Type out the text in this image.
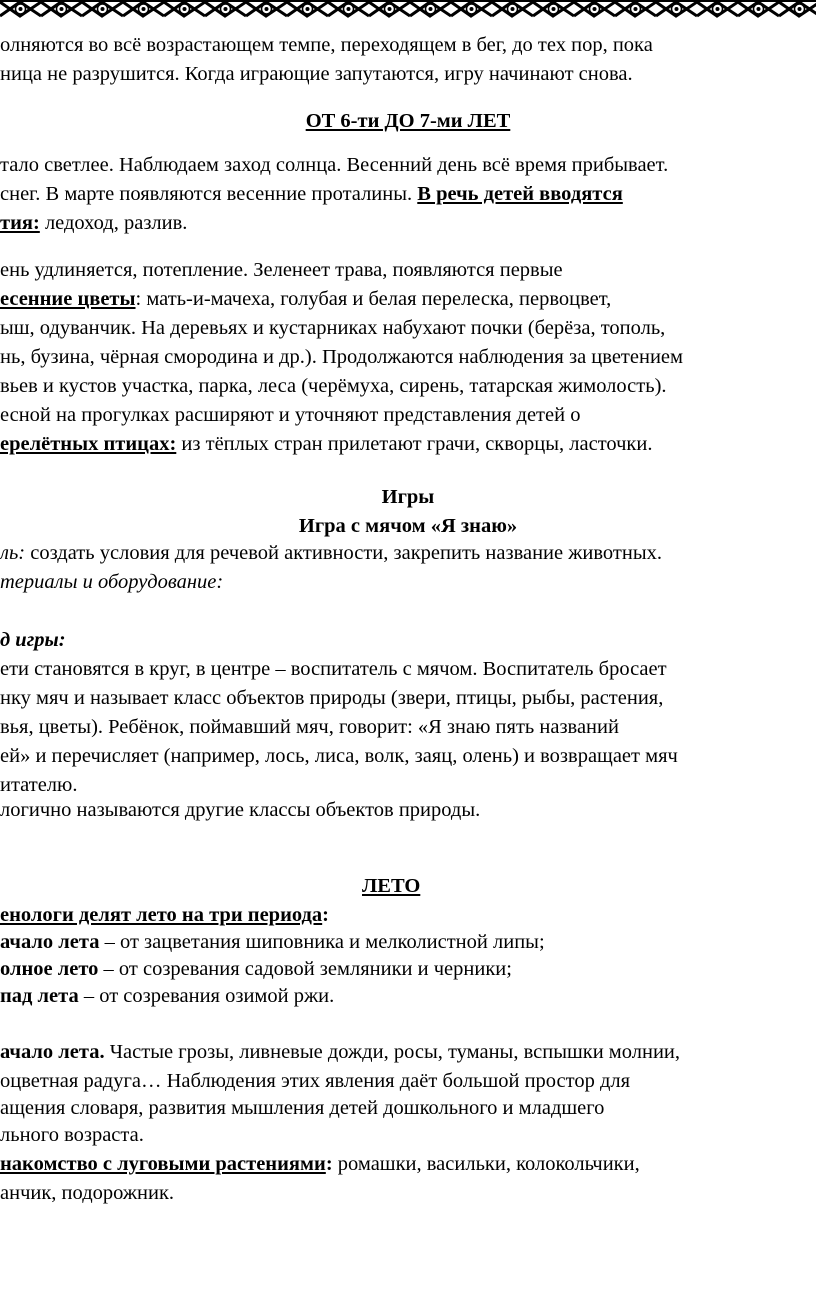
олняются во всё возрастающем темпе, переходящем в бег, до тех пор, пока
ница не разрушится. Когда играющие запутаются, игру начинают снова.
ОТ 6-ти ДО 7-ми ЛЕТ
тало светлее. Наблюдаем заход солнца. Весенний день всё время прибывает.
снег. В марте появляются весенние проталины. В речь детей вводятся
тия: ледоход, разлив.
ень удлиняется, потепление. Зеленеет трава, появляются первые
есенние цветы: мать-и-мачеха, голубая и белая перелеска, первоцвет,
ыш, одуванчик. На деревьях и кустарниках набухают почки (берёза, тополь,
нь, бузина, чёрная смородина и др.). Продолжаются наблюдения за цветением
вьев и кустов участка, парка, леса (черёмуха, сирень, татарская жимолость).
есной на прогулках расширяют и уточняют представления детей о
ерелётных птицах: из тёплых стран прилетают грачи, скворцы, ласточки.
Игры
Игра с мячом «Я знаю»
ль: создать условия для речевой активности, закрепить название животных.
териалы и оборудование:
д игры:
ети становятся в круг, в центре – воспитатель с мячом. Воспитатель бросает
нку мяч и называет класс объектов природы (звери, птицы, рыбы, растения,
вья, цветы). Ребёнок, поймавший мяч, говорит: «Я знаю пять названий
ей» и перечисляет (например, лось, лиса, волк, заяц, олень) и возвращает мяч
итателю.
логично называются другие классы объектов природы.
ЛЕТО
енологи делят лето на три периода:
ачало лета – от зацветания шиповника и мелколистной липы;
олное лето – от созревания садовой земляники и черники;
пад лета – от созревания озимой ржи.
ачало лета. Частые грозы, ливневые дожди, росы, туманы, вспышки молнии,
оцветная радуга… Наблюдения этих явления даёт большой простор для
ащения словаря, развития мышления детей дошкольного и младшего
льного возраста.
накомство с луговыми растениями: ромашки, васильки, колокольчики,
анчик, подорожник.
